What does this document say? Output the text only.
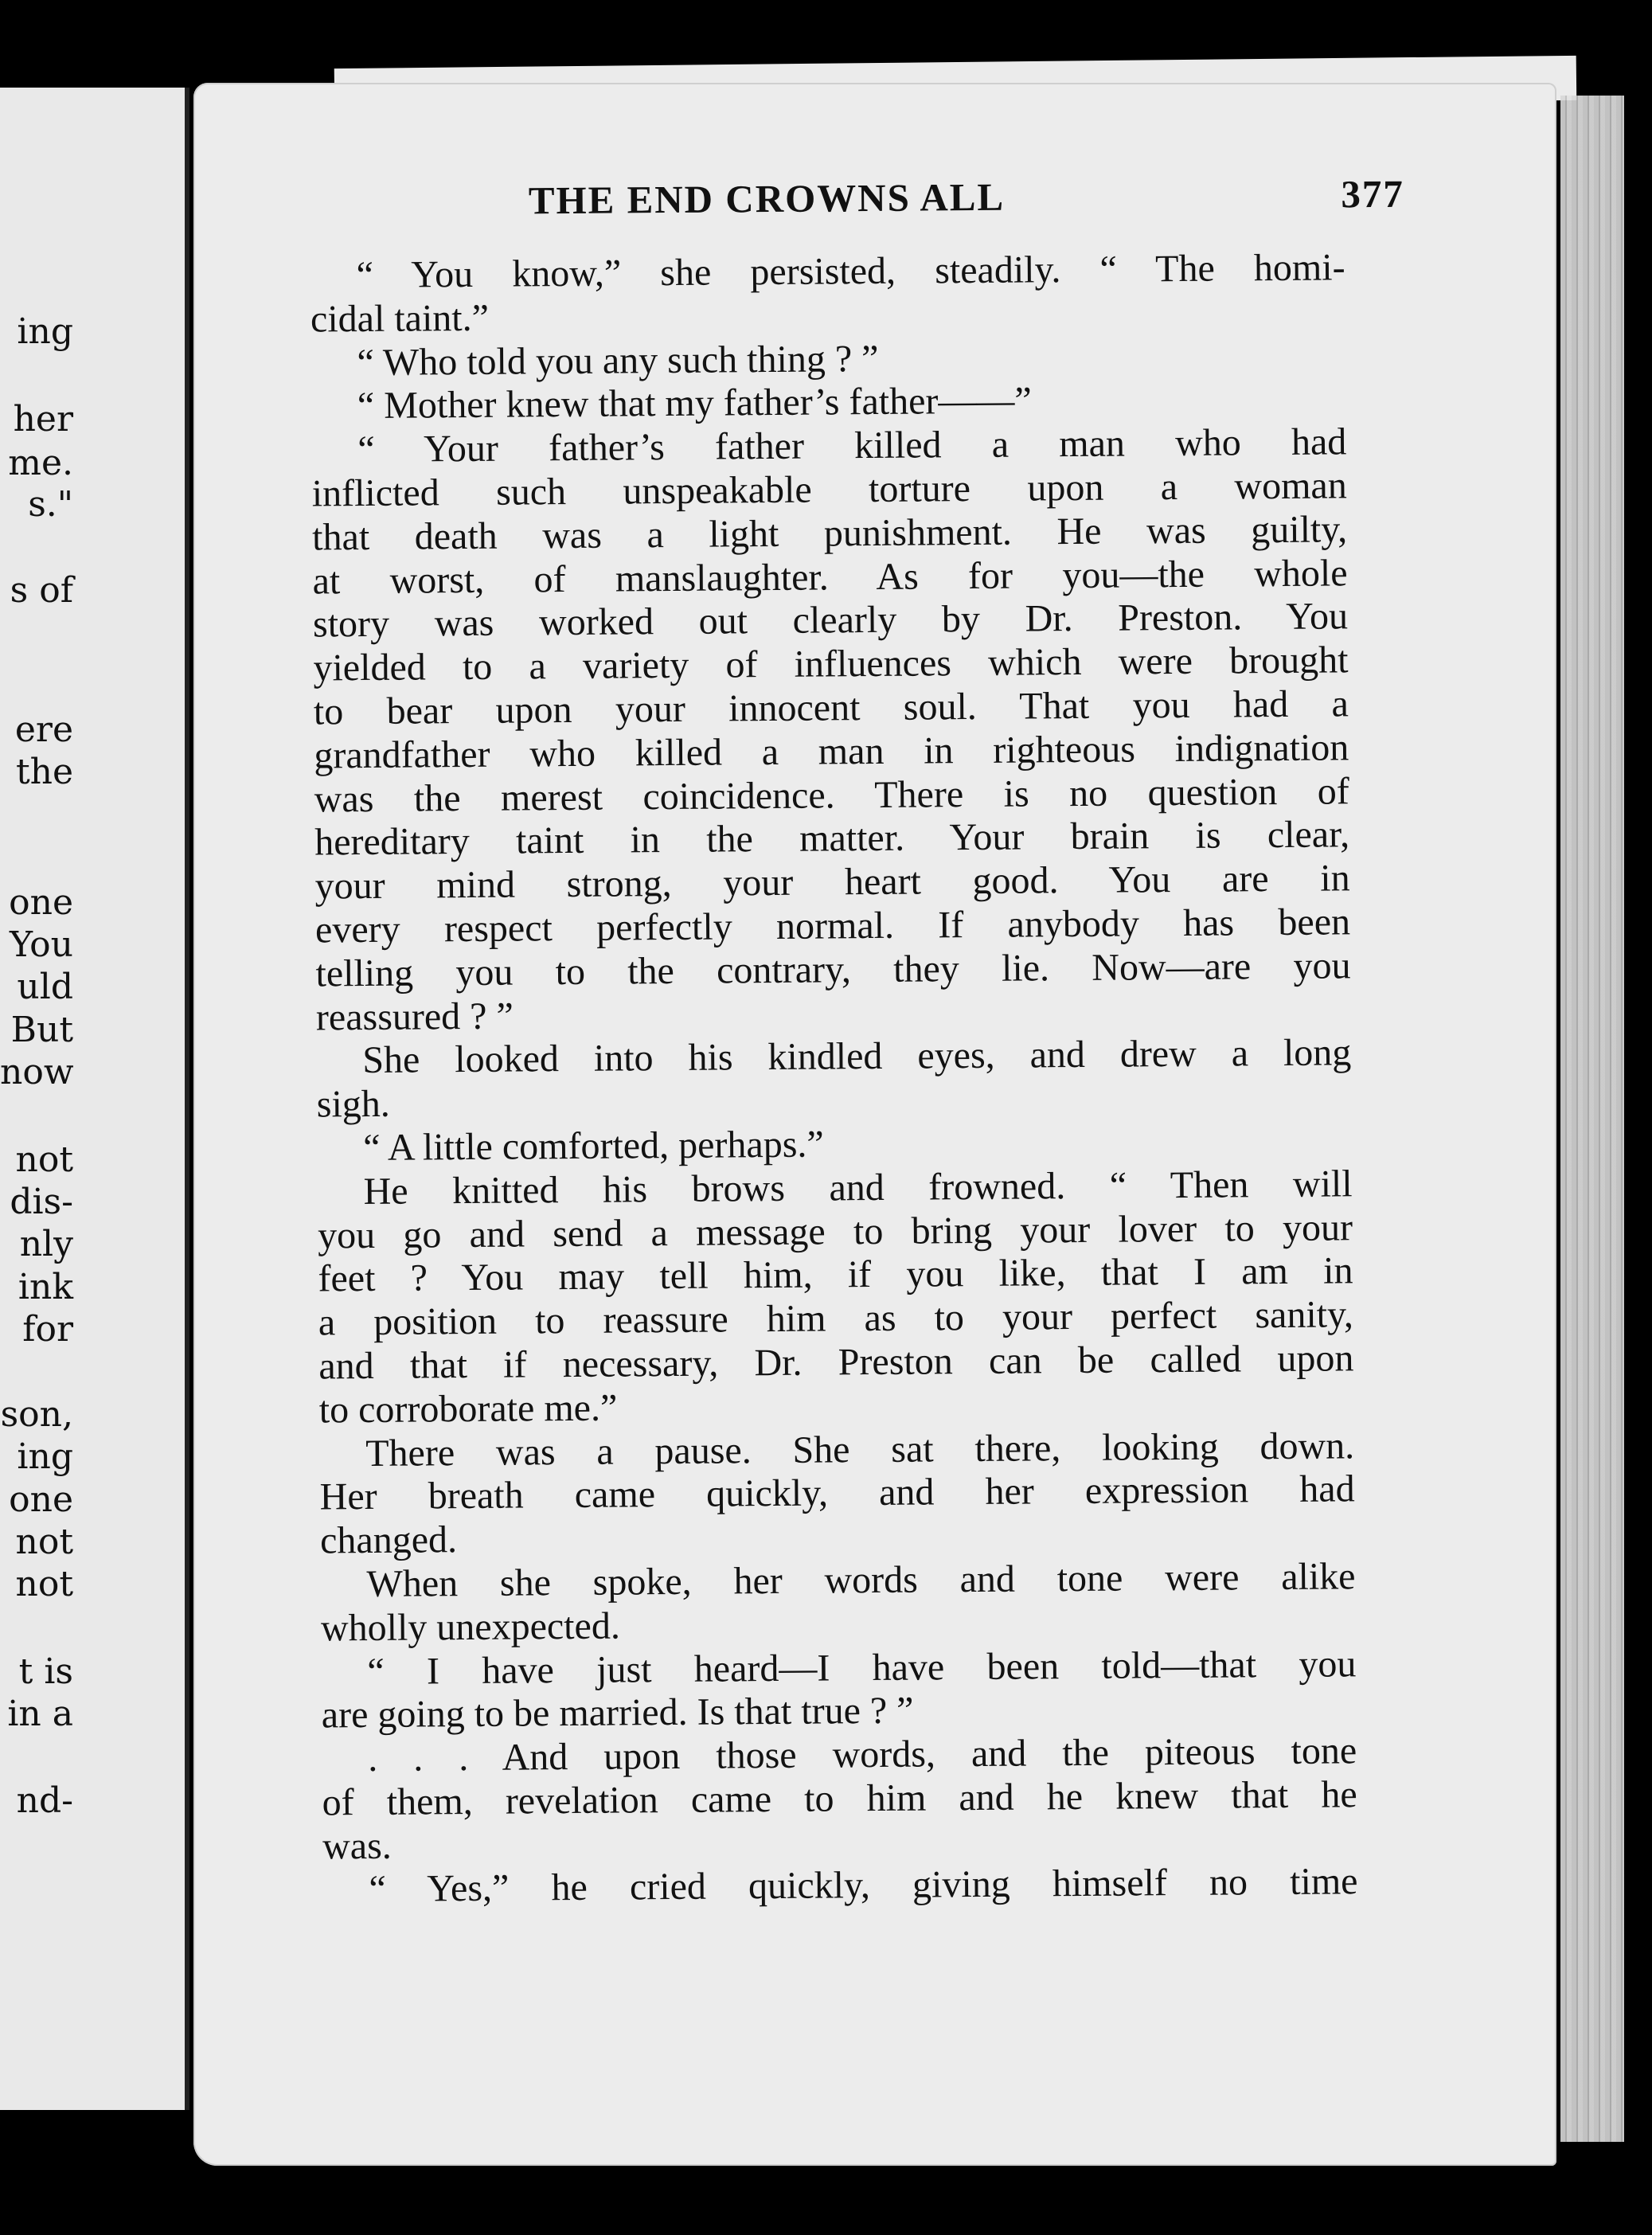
ing
her
me.
s."
s of
ere
the
one
You
uld
But
now
not
dis-
nly
ink
for
son,
ing
one
not
not
t is
in a
nd-
THE END CROWNS ALL	377
“ You know,” she persisted, steadily. “ The homi-
cidal taint.”
“ Who told you any such thing ? ”
“ Mother knew that my father’s father——”
“ Your father’s father killed a man who had
inflicted such unspeakable torture upon a woman
that death was a light punishment. He was guilty,
at worst, of manslaughter. As for you—the whole
story was worked out clearly by Dr. Preston. You
yielded to a variety of influences which were brought
to bear upon your innocent soul. That you had a
grandfather who killed a man in righteous indignation
was the merest coincidence. There is no question of
hereditary taint in the matter. Your brain is clear,
your mind strong, your heart good. You are in
every respect perfectly normal. If anybody has been
telling you to the contrary, they lie. Now—are you
reassured ? ”
She looked into his kindled eyes, and drew a long
sigh.
“ A little comforted, perhaps.”
He knitted his brows and frowned. “ Then will
you go and send a message to bring your lover to your
feet ? You may tell him, if you like, that I am in
a position to reassure him as to your perfect sanity,
and that if necessary, Dr. Preston can be called upon
to corroborate me.”
There was a pause. She sat there, looking down.
Her breath came quickly, and her expression had
changed.
When she spoke, her words and tone were alike
wholly unexpected.
“ I have just heard—I have been told—that you
are going to be married. Is that true ? ”
. . . And upon those words, and the piteous tone
of them, revelation came to him and he knew that he
was.
“ Yes,” he cried quickly, giving himself no time
